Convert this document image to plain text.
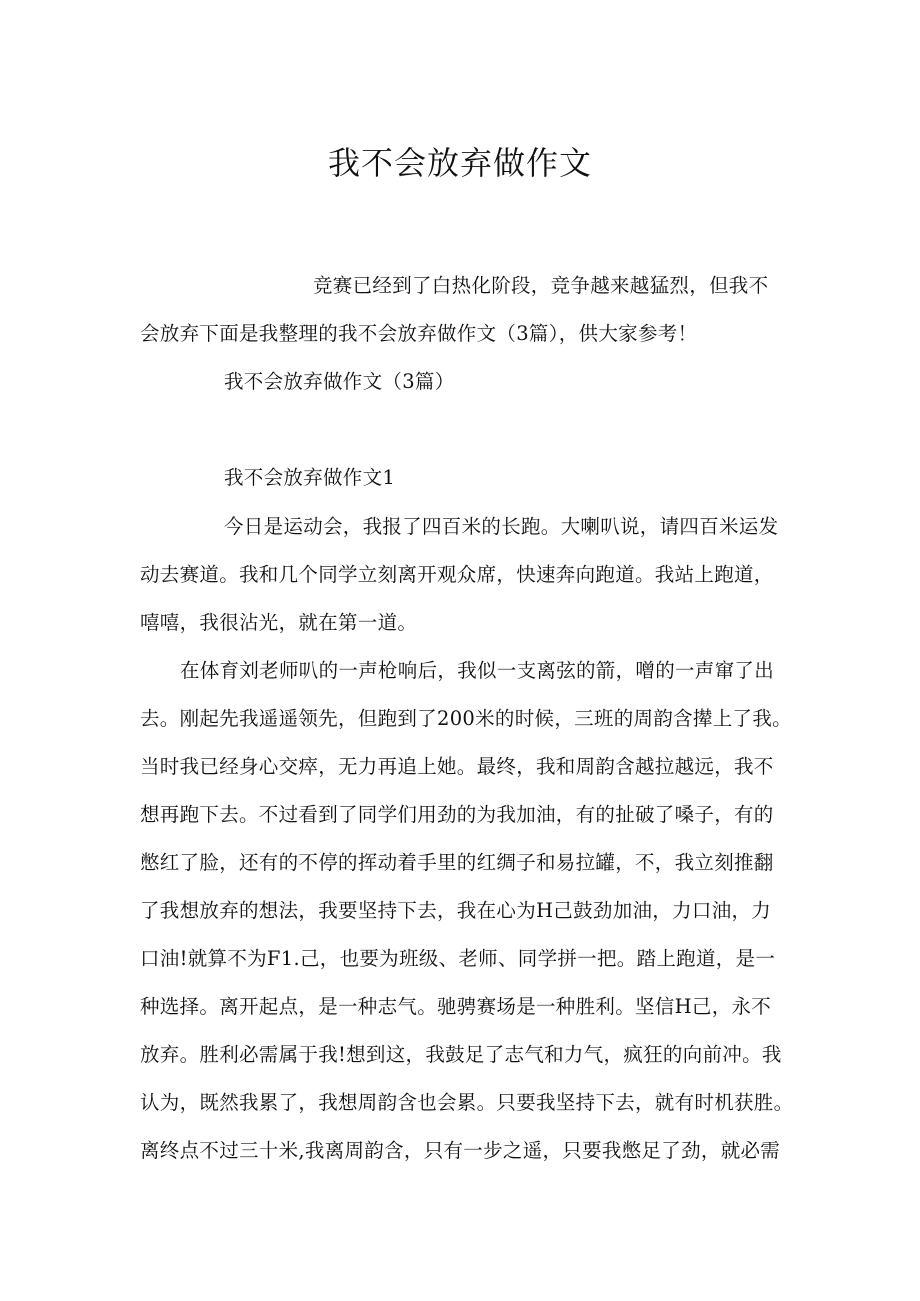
我不会放弃做作文
竞赛已经到了白热化阶段，竞争越来越猛烈，但我不
会放弃下面是我整理的我不会放弃做作文（3篇），供大家参考！
我不会放弃做作文（3篇）
我不会放弃做作文1
今日是运动会，我报了四百米的长跑。大喇叭说，请四百米运发
动去赛道。我和几个同学立刻离开观众席，快速奔向跑道。我站上跑道，
嘻嘻，我很沾光，就在第一道。
在体育刘老师叭的一声枪响后，我似一支离弦的箭，噌的一声窜了出
去。刚起先我遥遥领先，但跑到了200米的时候，三班的周韵含撵上了我。
当时我已经身心交瘁，无力再追上她。最终，我和周韵含越拉越远，我不
想再跑下去。不过看到了同学们用劲的为我加油，有的扯破了嗓子，有的
憋红了脸，还有的不停的挥动着手里的红绸子和易拉罐，不，我立刻推翻
了我想放弃的想法，我要坚持下去，我在心为H己鼓劲加油，力口油，力
口油!就算不为F1.己，也要为班级、老师、同学拼一把。踏上跑道，是一
种选择。离开起点，是一种志气。驰骋赛场是一种胜利。坚信H己，永不
放弃。胜利必需属于我!想到这，我鼓足了志气和力气，疯狂的向前冲。我
认为，既然我累了，我想周韵含也会累。只要我坚持下去，就有时机获胜。
离终点不过三十米,我离周韵含，只有一步之遥，只要我憋足了劲，就必需
